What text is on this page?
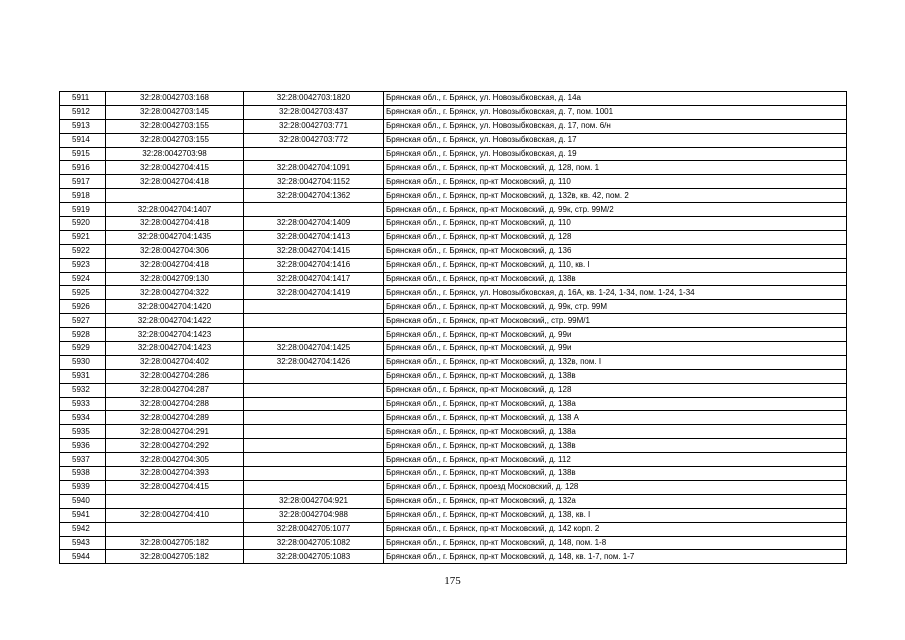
5911	32:28:0042703:168	32:28:0042703:1820	Брянская обл., г. Брянск, ул. Новозыбковская, д. 14а
5912	32:28:0042703:145	32:28:0042703:437	Брянская обл., г. Брянск, ул. Новозыбковская, д. 7, пом. 1001
5913	32:28:0042703:155	32:28:0042703:771	Брянская обл., г. Брянск, ул. Новозыбковская, д. 17, пом. 6/н
5914	32:28:0042703:155	32:28:0042703:772	Брянская обл., г. Брянск, ул. Новозыбковская, д. 17
5915	32:28:0042703:98		Брянская обл., г. Брянск, ул. Новозыбковская, д. 19
5916	32:28:0042704:415	32:28:0042704:1091	Брянская обл., г. Брянск, пр-кт Московский, д. 128, пом. 1
5917	32:28:0042704:418	32:28:0042704:1152	Брянская обл., г. Брянск, пр-кт Московский, д. 110
5918		32:28:0042704:1362	Брянская обл., г. Брянск, пр-кт Московский, д. 132в, кв. 42, пом. 2
5919	32:28:0042704:1407		Брянская обл., г. Брянск, пр-кт Московский, д. 99к, стр. 99М/2
5920	32:28:0042704:418	32:28:0042704:1409	Брянская обл., г. Брянск, пр-кт Московский, д. 110
5921	32:28:0042704:1435	32:28:0042704:1413	Брянская обл., г. Брянск, пр-кт Московский, д. 128
5922	32:28:0042704:306	32:28:0042704:1415	Брянская обл., г. Брянск, пр-кт Московский, д. 136
5923	32:28:0042704:418	32:28:0042704:1416	Брянская обл., г. Брянск, пр-кт Московский, д. 110, кв. I
5924	32:28:0042709:130	32:28:0042704:1417	Брянская обл., г. Брянск, пр-кт Московский, д. 138в
5925	32:28:0042704:322	32:28:0042704:1419	Брянская обл., г. Брянск, ул. Новозыбковская, д. 16А, кв. 1-24, 1-34, пом. 1-24, 1-34
5926	32:28:0042704:1420		Брянская обл., г. Брянск, пр-кт Московский, д. 99к, стр. 99М
5927	32:28:0042704:1422		Брянская обл., г. Брянск, пр-кт Московский,, стр. 99М/1
5928	32:28:0042704:1423		Брянская обл., г. Брянск, пр-кт Московский, д. 99и
5929	32:28:0042704:1423	32:28:0042704:1425	Брянская обл., г. Брянск, пр-кт Московский, д. 99и
5930	32:28:0042704:402	32:28:0042704:1426	Брянская обл., г. Брянск, пр-кт Московский, д. 132в, пом. I
5931	32:28:0042704:286		Брянская обл., г. Брянск, пр-кт Московский, д. 138в
5932	32:28:0042704:287		Брянская обл., г. Брянск, пр-кт Московский, д. 128
5933	32:28:0042704:288		Брянская обл., г. Брянск, пр-кт Московский, д. 138а
5934	32:28:0042704:289		Брянская обл., г. Брянск, пр-кт Московский, д. 138 А
5935	32:28:0042704:291		Брянская обл., г. Брянск, пр-кт Московский, д. 138а
5936	32:28:0042704:292		Брянская обл., г. Брянск, пр-кт Московский, д. 138в
5937	32:28:0042704:305		Брянская обл., г. Брянск, пр-кт Московский, д. 112
5938	32:28:0042704:393		Брянская обл., г. Брянск, пр-кт Московский, д. 138в
5939	32:28:0042704:415		Брянская обл., г. Брянск, проезд Московский, д. 128
5940		32:28:0042704:921	Брянская обл., г. Брянск, пр-кт Московский, д. 132а
5941	32:28:0042704:410	32:28:0042704:988	Брянская обл., г. Брянск, пр-кт Московский, д. 138, кв. I
5942		32:28:0042705:1077	Брянская обл., г. Брянск, пр-кт Московский, д. 142 корп. 2
5943	32:28:0042705:182	32:28:0042705:1082	Брянская обл., г. Брянск, пр-кт Московский, д. 148, пом. 1-8
5944	32:28:0042705:182	32:28:0042705:1083	Брянская обл., г. Брянск, пр-кт Московский, д. 148, кв. 1-7, пом. 1-7
175
